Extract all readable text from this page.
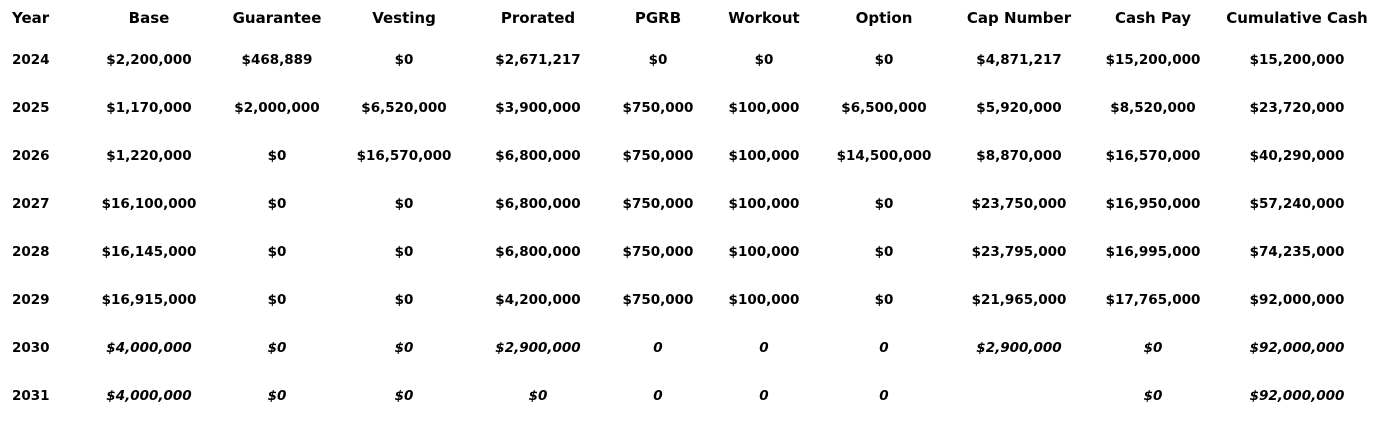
Year	Base	Guarantee	Vesting	Prorated	PGRB	Workout	Option	Cap Number	Cash Pay	Cumulative Cash
2024	$2,200,000	$468,889	$0	$2,671,217	$0	$0	$0	$4,871,217	$15,200,000	$15,200,000
2025	$1,170,000	$2,000,000	$6,520,000	$3,900,000	$750,000	$100,000	$6,500,000	$5,920,000	$8,520,000	$23,720,000
2026	$1,220,000	$0	$16,570,000	$6,800,000	$750,000	$100,000	$14,500,000	$8,870,000	$16,570,000	$40,290,000
2027	$16,100,000	$0	$0	$6,800,000	$750,000	$100,000	$0	$23,750,000	$16,950,000	$57,240,000
2028	$16,145,000	$0	$0	$6,800,000	$750,000	$100,000	$0	$23,795,000	$16,995,000	$74,235,000
2029	$16,915,000	$0	$0	$4,200,000	$750,000	$100,000	$0	$21,965,000	$17,765,000	$92,000,000
2030	$4,000,000	$0	$0	$2,900,000	0	0	0	$2,900,000	$0	$92,000,000
2031	$4,000,000	$0	$0	$0	0	0	0		$0	$92,000,000
